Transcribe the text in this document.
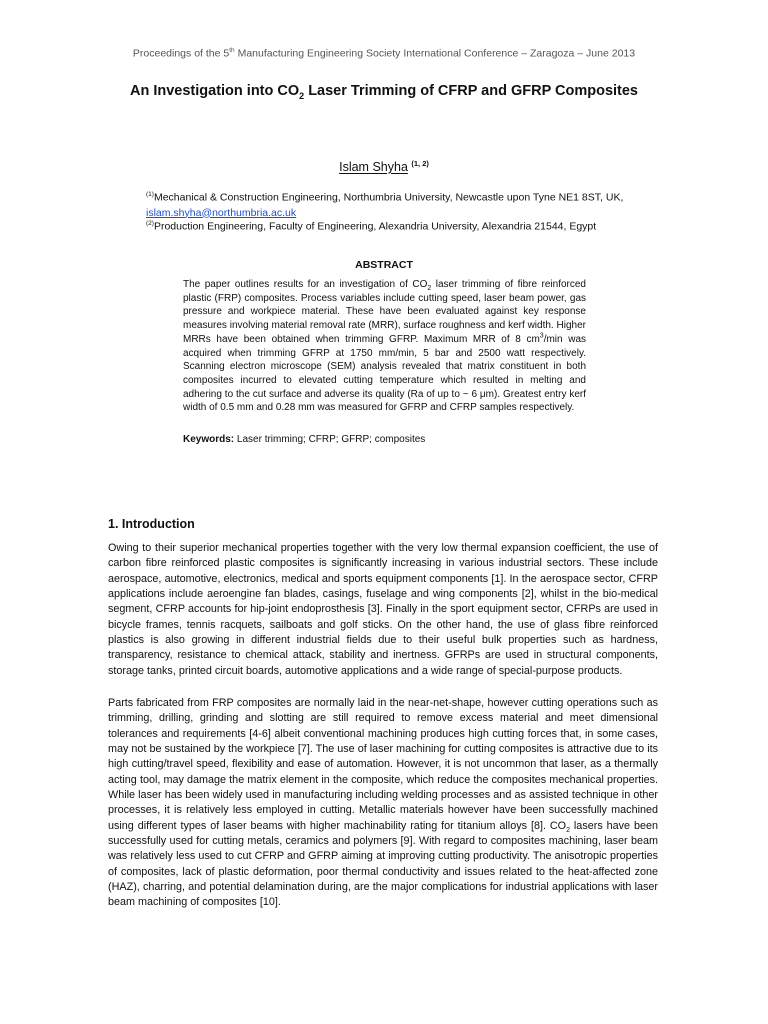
Proceedings of the 5th Manufacturing Engineering Society International Conference – Zaragoza – June 2013
An Investigation into $CO_2$ Laser Trimming of CFRP and GFRP Composites
Islam Shyha $^{(1, 2)}$
$^{(1)}$Mechanical & Construction Engineering, Northumbria University, Newcastle upon Tyne NE1 8ST, UK, islam.shyha@northumbria.ac.uk
$^{(2)}$Production Engineering, Faculty of Engineering, Alexandria University, Alexandria 21544, Egypt
ABSTRACT
The paper outlines results for an investigation of $CO_2$ laser trimming of fibre reinforced plastic (FRP) composites. Process variables include cutting speed, laser beam power, gas pressure and workpiece material. These have been evaluated against key response measures involving material removal rate (MRR), surface roughness and kerf width. Higher MRRs have been obtained when trimming GFRP. Maximum MRR of 8 $cm^3/\min$ was acquired when trimming GFRP at 1750 mm/min, 5 bar and 2500 watt respectively. Scanning electron microscope (SEM) analysis revealed that matrix constituent in both composites incurred to elevated cutting temperature which resulted in melting and adhering to the cut surface and adverse its quality (Ra of up to ~ 6 μm). Greatest entry kerf width of 0.5 mm and 0.28 mm was measured for GFRP and CFRP samples respectively.
Keywords: Laser trimming; CFRP; GFRP; composites
1. Introduction
Owing to their superior mechanical properties together with the very low thermal expansion coefficient, the use of carbon fibre reinforced plastic composites is significantly increasing in various industrial sectors. These include aerospace, automotive, electronics, medical and sports equipment components [1]. In the aerospace sector, CFRP applications include aeroengine fan blades, casings, fuselage and wing components [2], whilst in the bio-medical segment, CFRP accounts for hip-joint endoprosthesis [3]. Finally in the sport equipment sector, CFRPs are used in bicycle frames, tennis racquets, sailboats and golf sticks. On the other hand, the use of glass fibre reinforced plastics is also growing in different industrial fields due to their useful bulk properties such as hardness, transparency, resistance to chemical attack, stability and inertness. GFRPs are used in structural components, storage tanks, printed circuit boards, automotive applications and a wide range of special-purpose products.
Parts fabricated from FRP composites are normally laid in the near-net-shape, however cutting operations such as trimming, drilling, grinding and slotting are still required to remove excess material and meet dimensional tolerances and requirements [4-6] albeit conventional machining produces high cutting forces that, in some cases, may not be sustained by the workpiece [7]. The use of laser machining for cutting composites is attractive due to its high cutting/travel speed, flexibility and ease of automation. However, it is not uncommon that laser, as a thermally acting tool, may damage the matrix element in the composite, which reduce the composites mechanical properties. While laser has been widely used in manufacturing including welding processes and as assisted technique in other processes, it is relatively less employed in cutting. Metallic materials however have been successfully machined using different types of laser beams with higher machinability rating for titanium alloys [8]. $CO_2$ lasers have been successfully used for cutting metals, ceramics and polymers [9]. With regard to composites machining, laser beam was relatively less used to cut CFRP and GFRP aiming at improving cutting productivity. The anisotropic properties of composites, lack of plastic deformation, poor thermal conductivity and issues related to the heat-affected zone (HAZ), charring, and potential delamination during, are the major complications for industrial applications with laser beam machining of composites [10].
